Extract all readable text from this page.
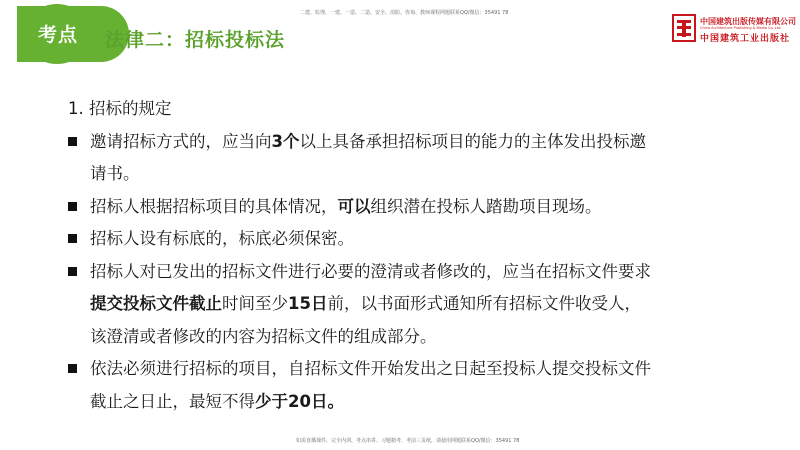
考点 法律二：招标投标法
二建、监理、一建、一造、二造、安全、消防、咨询、教师课程网题联系QQ/微信：35491 78
中国建筑出版传媒有限公司
China Architecture Publishing & Media Co.,Ltd.
中国建筑工业出版社
1. 招标的规定
邀请招标方式的，应当向3个以上具备承担招标项目的能力的主体发出投标邀
请书。
招标人根据招标项目的具体情况，可以组织潜在投标人踏勘项目现场。
招标人设有标底的，标底必须保密。
招标人对已发出的招标文件进行必要的澄清或者修改的，应当在招标文件要求
提交投标文件截止时间至少15日前，以书面形式通知所有招标文件收受人，
该澄清或者修改的内容为招标文件的组成部分。
依法必须进行招标的项目，自招标文件开始发出之日起至投标人提交投标文件
截止之日止，最短不得少于20日。
如需直播课件、完全内训、考点串讲、习题精考、考前三页纸，请使用网题联系QQ/微信：35491 78
